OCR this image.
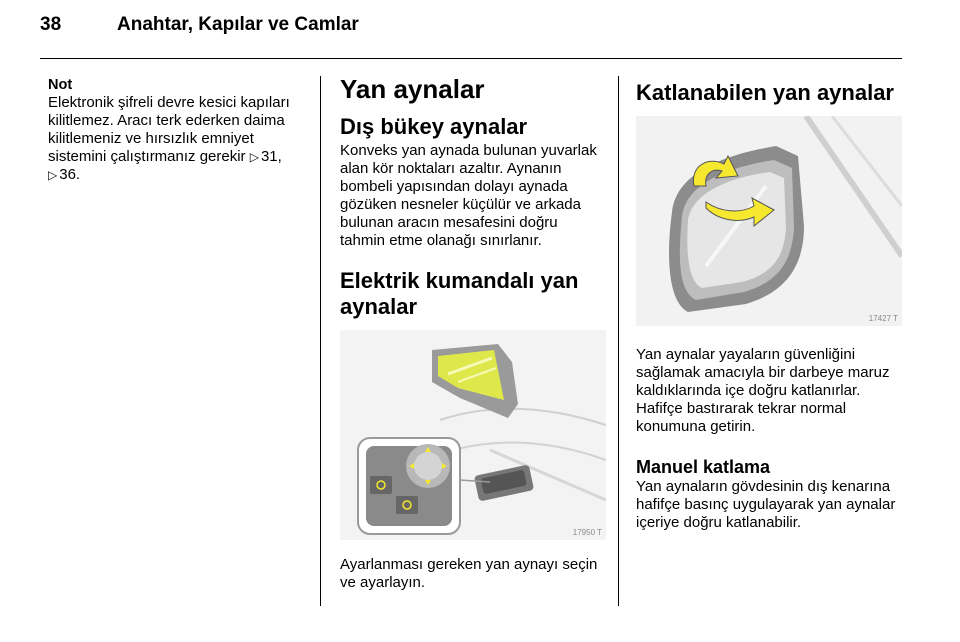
38	Anahtar, Kapılar ve Camlar
Not
Elektronik şifreli devre kesici kapıları kilitlemez. Aracı terk ederken daima kilitlemeniz ve hırsızlık emniyet sistemini çalıştırmanız gerekir ▷ 31, ▷ 36.
Yan aynalar
Dış bükey aynalar

Konveks yan aynada bulunan yuvarlak alan kör noktaları azaltır. Aynanın bombeli yapısından dolayı aynada gözüken nesneler küçülür ve arkada bulunan aracın mesafesini doğru tahmin etme olanağı sınırlanır.

Elektrik kumandalı yan aynalar
17950 T

Ayarlanması gereken yan aynayı seçin ve ayarlayın.

Katlanabilen yan aynalar
17427 T

Yan aynalar yayaların güvenliğini sağlamak amacıyla bir darbeye maruz kaldıklarında içe doğru katlanırlar. Hafifçe bastırarak tekrar normal konumuna getirin.

Manuel katlama

Yan aynaların gövdesinin dış kenarına hafifçe basınç uygulayarak yan aynalar içeriye doğru katlanabilir.
